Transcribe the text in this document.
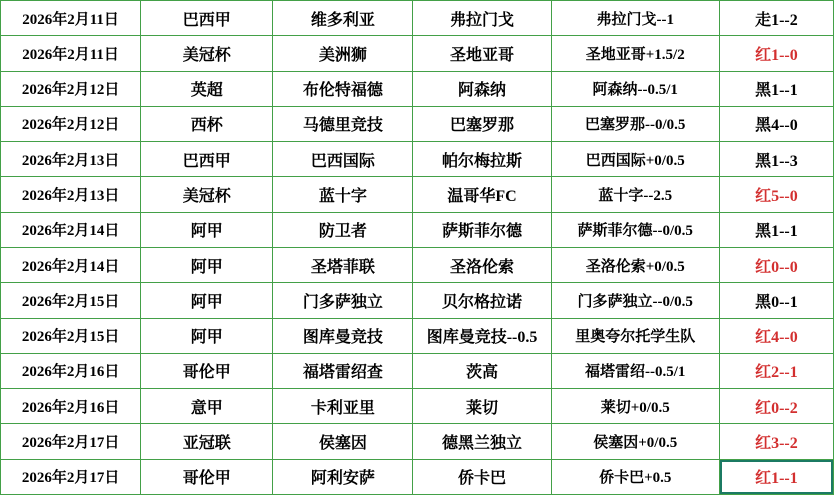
2026年2月11日	巴西甲	维多利亚	弗拉门戈	弗拉门戈--1	走1--2
2026年2月11日	美冠杯	美洲狮	圣地亚哥	圣地亚哥+1.5/2	红1--0
2026年2月12日	英超	布伦特福德	阿森纳	阿森纳--0.5/1	黑1--1
2026年2月12日	西杯	马德里竞技	巴塞罗那	巴塞罗那--0/0.5	黑4--0
2026年2月13日	巴西甲	巴西国际	帕尔梅拉斯	巴西国际+0/0.5	黑1--3
2026年2月13日	美冠杯	蓝十字	温哥华FC	蓝十字--2.5	红5--0
2026年2月14日	阿甲	防卫者	萨斯菲尔德	萨斯菲尔德--0/0.5	黑1--1
2026年2月14日	阿甲	圣塔菲联	圣洛伦索	圣洛伦索+0/0.5	红0--0
2026年2月15日	阿甲	门多萨独立	贝尔格拉诺	门多萨独立--0/0.5	黑0--1
2026年2月15日	阿甲	图库曼竞技	图库曼竞技--0.5	里奥夸尔托学生队	红4--0
2026年2月16日	哥伦甲	福塔雷绍查	茨高	福塔雷绍--0.5/1	红2--1
2026年2月16日	意甲	卡利亚里	莱切	莱切+0/0.5	红0--2
2026年2月17日	亚冠联	侯塞因	德黑兰独立	侯塞因+0/0.5	红3--2
2026年2月17日	哥伦甲	阿利安萨	侨卡巴	侨卡巴+0.5	红1--1
